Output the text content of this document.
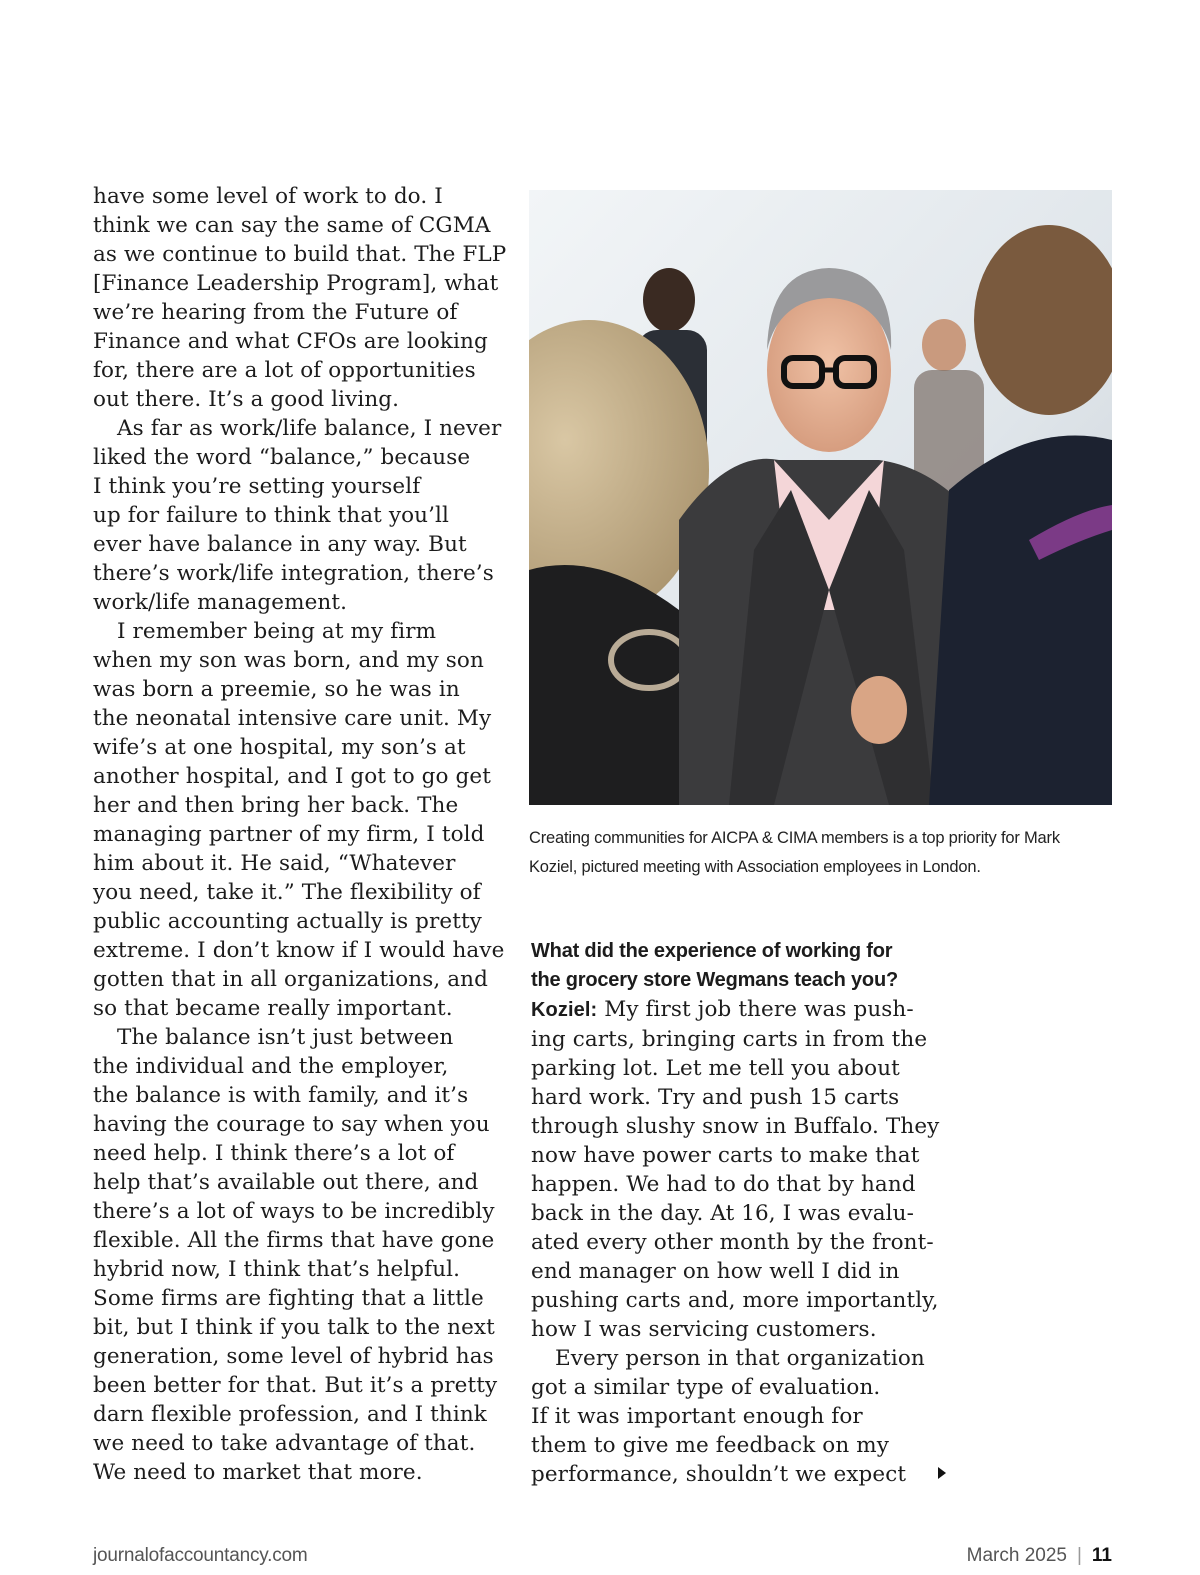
have some level of work to do. I
think we can say the same of CGMA
as we continue to build that. The FLP
[Finance Leadership Program], what
we’re hearing from the Future of
Finance and what CFOs are looking
for, there are a lot of opportunities
out there. It’s a good living.
As far as work/life balance, I never
liked the word “balance,” because
I think you’re setting yourself
up for failure to think that you’ll
ever have balance in any way. But
there’s work/life integration, there’s
work/life management.
I remember being at my firm
when my son was born, and my son
was born a preemie, so he was in
the neonatal intensive care unit. My
wife’s at one hospital, my son’s at
another hospital, and I got to go get
her and then bring her back. The
managing partner of my firm, I told
him about it. He said, “Whatever
you need, take it.” The flexibility of
public accounting actually is pretty
extreme. I don’t know if I would have
gotten that in all organizations, and
so that became really important.
The balance isn’t just between
the individual and the employer,
the balance is with family, and it’s
having the courage to say when you
need help. I think there’s a lot of
help that’s available out there, and
there’s a lot of ways to be incredibly
flexible. All the firms that have gone
hybrid now, I think that’s helpful.
Some firms are fighting that a little
bit, but I think if you talk to the next
generation, some level of hybrid has
been better for that. But it’s a pretty
darn flexible profession, and I think
we need to take advantage of that.
We need to market that more.
Creating communities for AICPA & CIMA members is a top priority for Mark
Koziel, pictured meeting with Association employees in London.
What did the experience of working for
the grocery store Wegmans teach you?
Koziel: My first job there was push-
ing carts, bringing carts in from the
parking lot. Let me tell you about
hard work. Try and push 15 carts
through slushy snow in Buffalo. They
now have power carts to make that
happen. We had to do that by hand
back in the day. At 16, I was evalu-
ated every other month by the front-
end manager on how well I did in
pushing carts and, more importantly,
how I was servicing customers.
Every person in that organization
got a similar type of evaluation.
If it was important enough for
them to give me feedback on my
performance, shouldn’t we expect
journalofaccountancy.com	March 2025 | 11
